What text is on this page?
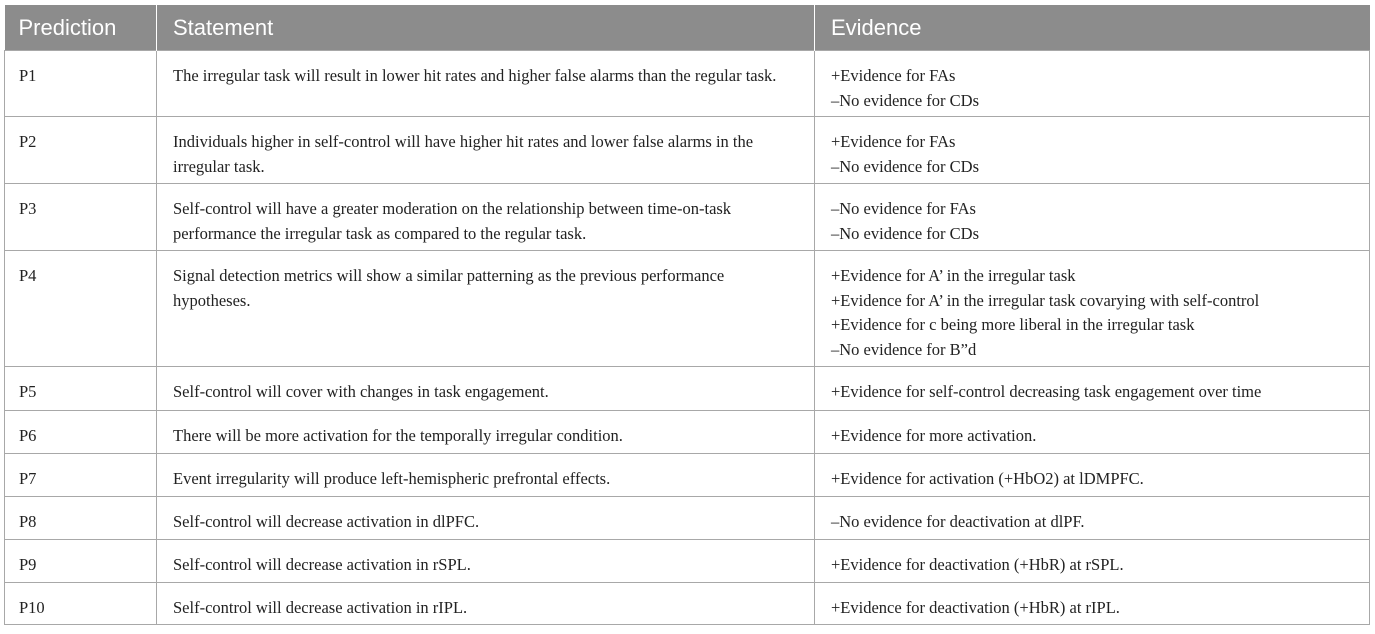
Prediction	Statement	Evidence
P1	The irregular task will result in lower hit rates and higher false alarms than the regular task.	+Evidence for FAs
–No evidence for CDs

P2	Individuals higher in self-control will have higher hit rates and lower false alarms in the irregular task.	+Evidence for FAs
–No evidence for CDs

P3	Self-control will have a greater moderation on the relationship between time-on-task performance the irregular task as compared to the regular task.	–No evidence for FAs
–No evidence for CDs

P4	Signal detection metrics will show a similar patterning as the previous performance hypotheses.	+Evidence for A’ in the irregular task
+Evidence for A’ in the irregular task covarying with self-control
+Evidence for c being more liberal in the irregular task
–No evidence for B”d

P5	Self-control will cover with changes in task engagement.	+Evidence for self-control decreasing task engagement over time

P6	There will be more activation for the temporally irregular condition.	+Evidence for more activation.

P7	Event irregularity will produce left-hemispheric prefrontal effects.	+Evidence for activation (+HbO2) at lDMPFC.

P8	Self-control will decrease activation in dlPFC.	–No evidence for deactivation at dlPF.

P9	Self-control will decrease activation in rSPL.	+Evidence for deactivation (+HbR) at rSPL.

P10	Self-control will decrease activation in rIPL.	+Evidence for deactivation (+HbR) at rIPL.
